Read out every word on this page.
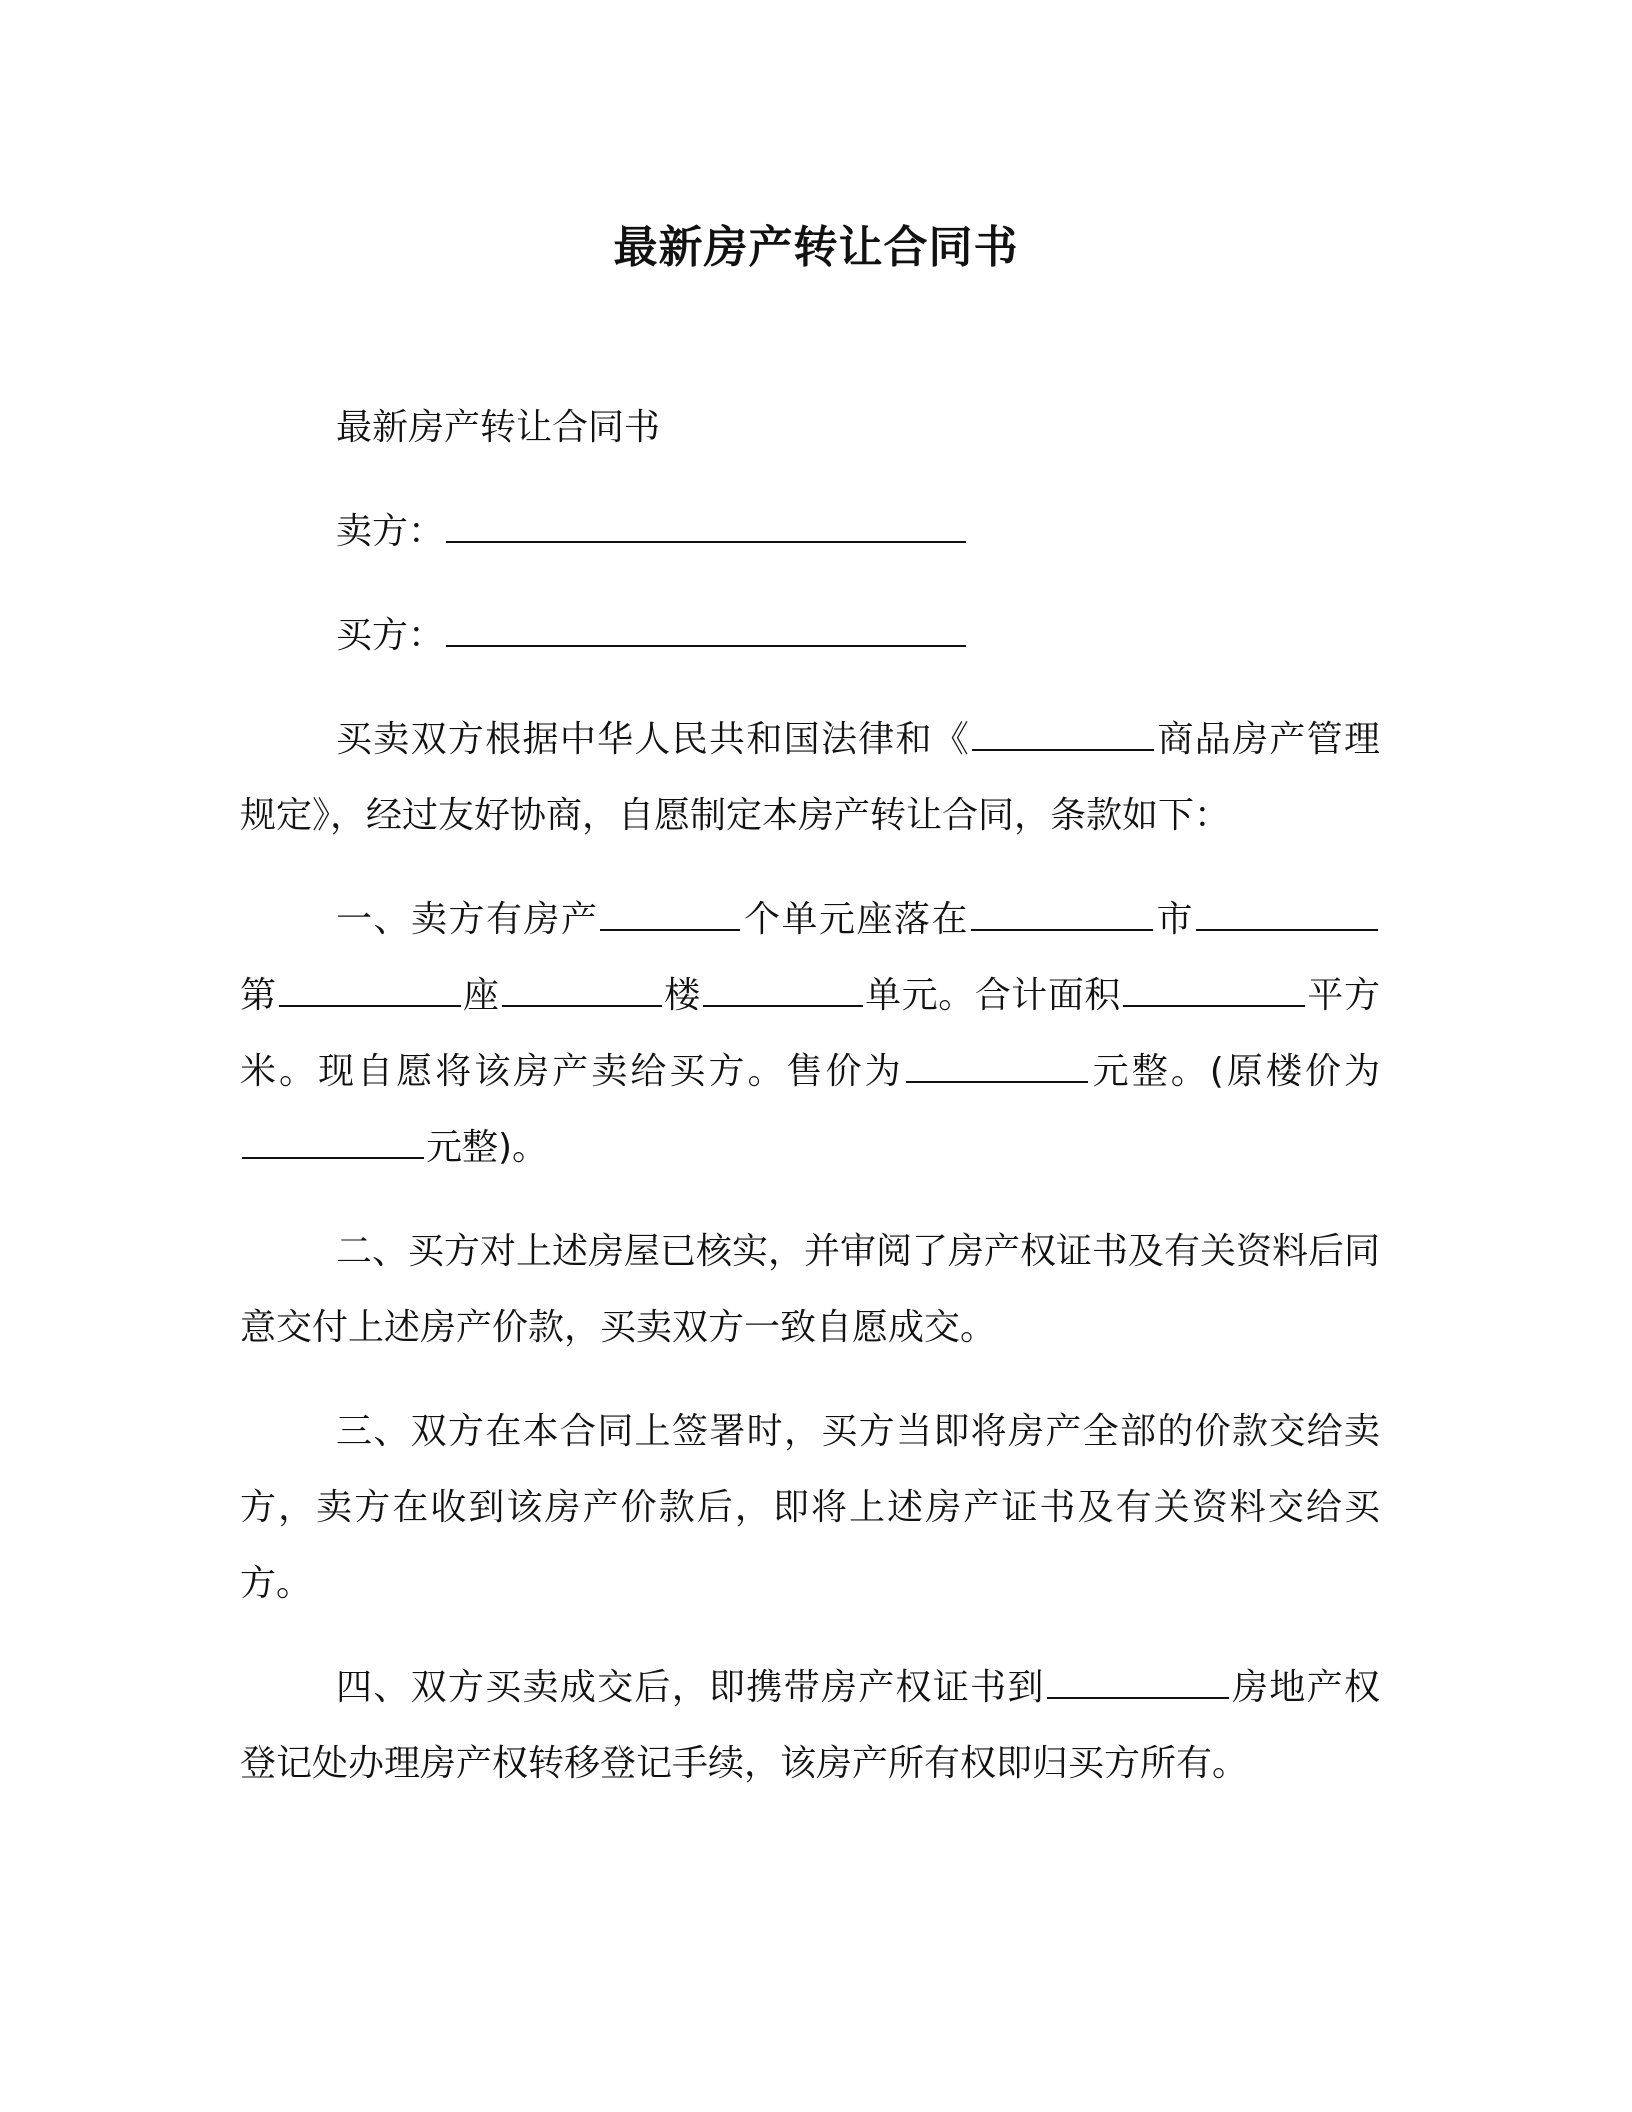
最新房产转让合同书

最新房产转让合同书

卖方：

买方：

买卖双方根据中华人民共和国法律和《	商品房产管理规定》，经过友好协商，自愿制定本房产转让合同，条款如下：

一、卖方有房产	个单元座落在	市第	座	楼	单元。合计面积	平方米。现自愿将该房产卖给买方。售价为	元整。(原楼价为元整)。

二、买方对上述房屋已核实，并审阅了房产权证书及有关资料后同意交付上述房产价款，买卖双方一致自愿成交。

三、双方在本合同上签署时，买方当即将房产全部的价款交给卖方，卖方在收到该房产价款后，即将上述房产证书及有关资料交给买方。

四、双方买卖成交后，即携带房产权证书到	房地产权登记处办理房产权转移登记手续，该房产所有权即归买方所有。
